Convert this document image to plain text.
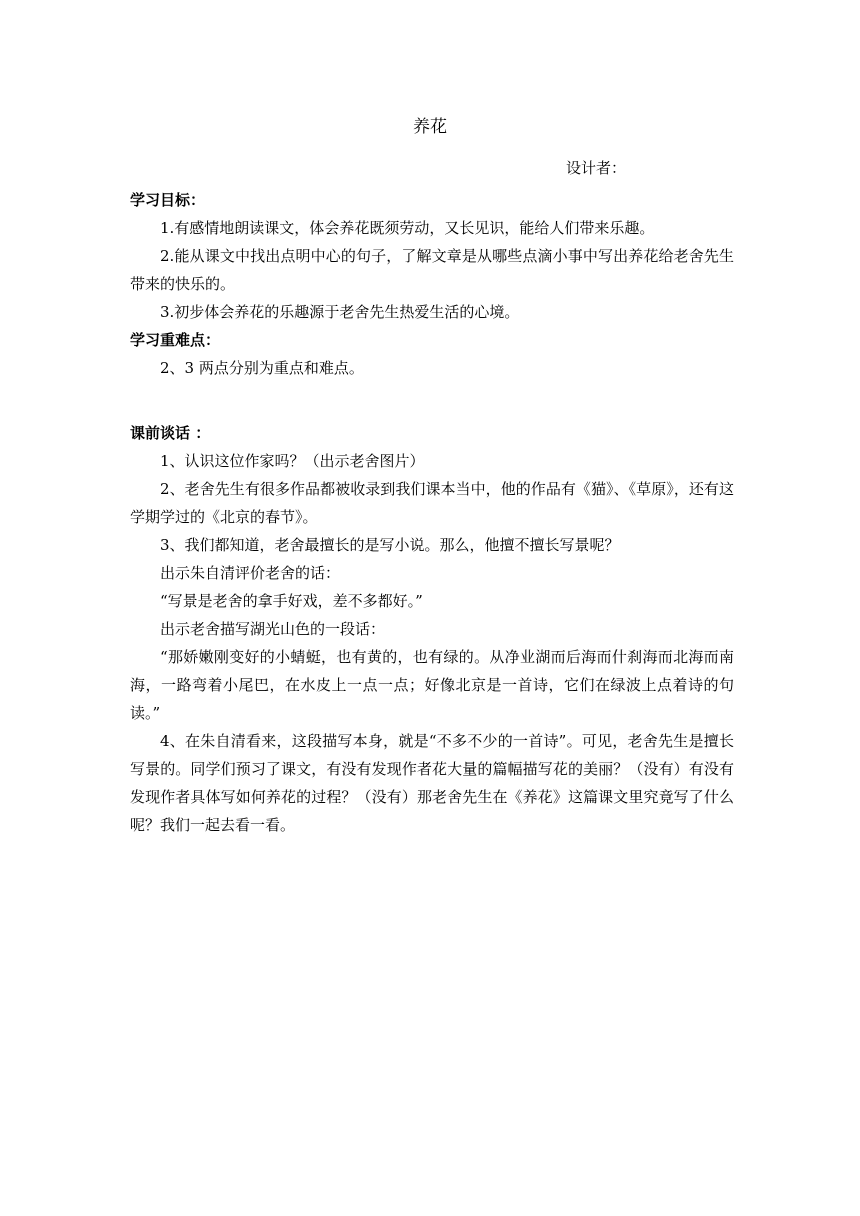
养花
设计者：

学习目标：

1.有感情地朗读课文，体会养花既须劳动，又长见识，能给人们带来乐趣。

2.能从课文中找出点明中心的句子，了解文章是从哪些点滴小事中写出养花给老舍先生带来的快乐的。

3.初步体会养花的乐趣源于老舍先生热爱生活的心境。

学习重难点：

2、3 两点分别为重点和难点。

课前谈话 ：

1、认识这位作家吗？（出示老舍图片）

2、老舍先生有很多作品都被收录到我们课本当中，他的作品有《猫》、《草原》，还有这学期学过的《北京的春节》。

3、我们都知道，老舍最擅长的是写小说。那么，他擅不擅长写景呢？

出示朱自清评价老舍的话：

“写景是老舍的拿手好戏，差不多都好。”

出示老舍描写湖光山色的一段话：

“那娇嫩刚变好的小蜻蜓，也有黄的，也有绿的。从净业湖而后海而什刹海而北海而南海，一路弯着小尾巴，在水皮上一点一点；好像北京是一首诗，它们在绿波上点着诗的句读。”

4、在朱自清看来，这段描写本身，就是“不多不少的一首诗”。可见，老舍先生是擅长写景的。同学们预习了课文，有没有发现作者花大量的篇幅描写花的美丽？（没有）有没有发现作者具体写如何养花的过程？（没有）那老舍先生在《养花》这篇课文里究竟写了什么呢？我们一起去看一看。
